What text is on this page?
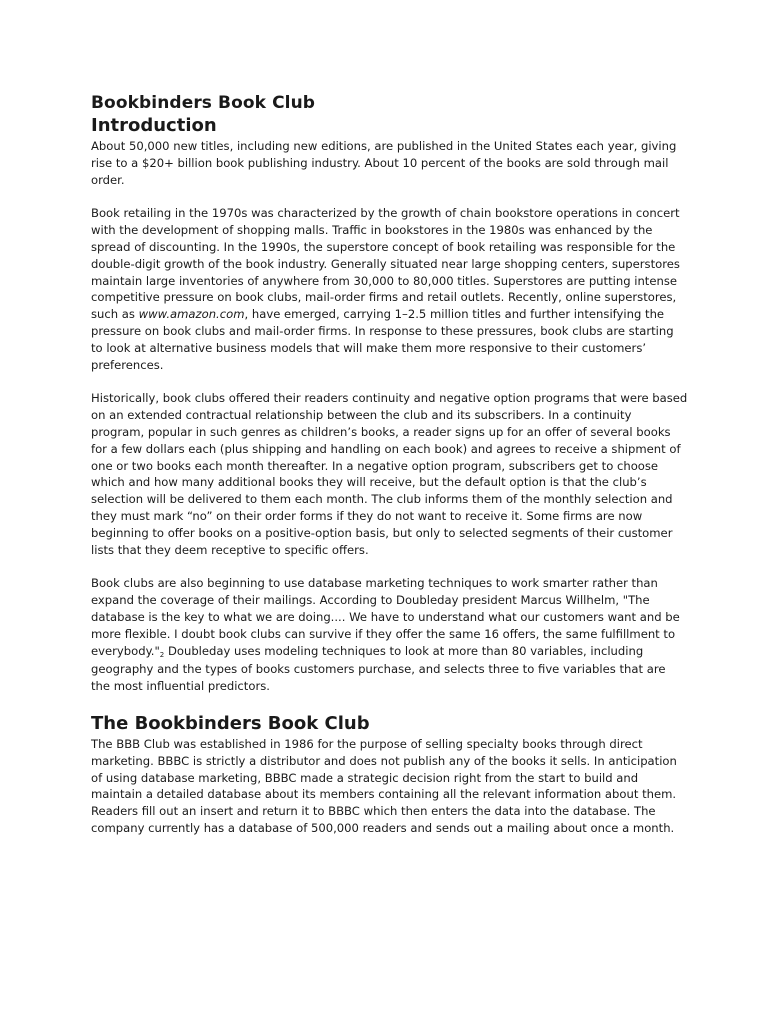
Bookbinders Book Club
Introduction

About 50,000 new titles, including new editions, are published in the United States each year, giving rise to a $20+ billion book publishing industry. About 10 percent of the books are sold through mail order.

Book retailing in the 1970s was characterized by the growth of chain bookstore operations in concert with the development of shopping malls. Traffic in bookstores in the 1980s was enhanced by the spread of discounting. In the 1990s, the superstore concept of book retailing was responsible for the double-digit growth of the book industry. Generally situated near large shopping centers, superstores maintain large inventories of anywhere from 30,000 to 80,000 titles. Superstores are putting intense competitive pressure on book clubs, mail-order firms and retail outlets. Recently, online superstores, such as www.amazon.com, have emerged, carrying 1–2.5 million titles and further intensifying the pressure on book clubs and mail-order firms. In response to these pressures, book clubs are starting to look at alternative business models that will make them more responsive to their customers’ preferences.

Historically, book clubs offered their readers continuity and negative option programs that were based on an extended contractual relationship between the club and its subscribers. In a continuity program, popular in such genres as children’s books, a reader signs up for an offer of several books for a few dollars each (plus shipping and handling on each book) and agrees to receive a shipment of one or two books each month thereafter. In a negative option program, subscribers get to choose which and how many additional books they will receive, but the default option is that the club’s selection will be delivered to them each month. The club informs them of the monthly selection and they must mark “no” on their order forms if they do not want to receive it. Some firms are now beginning to offer books on a positive-option basis, but only to selected segments of their customer lists that they deem receptive to specific offers.

Book clubs are also beginning to use database marketing techniques to work smarter rather than expand the coverage of their mailings. According to Doubleday president Marcus Willhelm, "The database is the key to what we are doing.... We have to understand what our customers want and be more flexible. I doubt book clubs can survive if they offer the same 16 offers, the same fulfillment to everybody."$^2$ Doubleday uses modeling techniques to look at more than 80 variables, including geography and the types of books customers purchase, and selects three to five variables that are the most influential predictors.

The Bookbinders Book Club

The BBB Club was established in 1986 for the purpose of selling specialty books through direct marketing. BBBC is strictly a distributor and does not publish any of the books it sells. In anticipation of using database marketing, BBBC made a strategic decision right from the start to build and maintain a detailed database about its members containing all the relevant information about them. Readers fill out an insert and return it to BBBC which then enters the data into the database. The company currently has a database of 500,000 readers and sends out a mailing about once a month.
